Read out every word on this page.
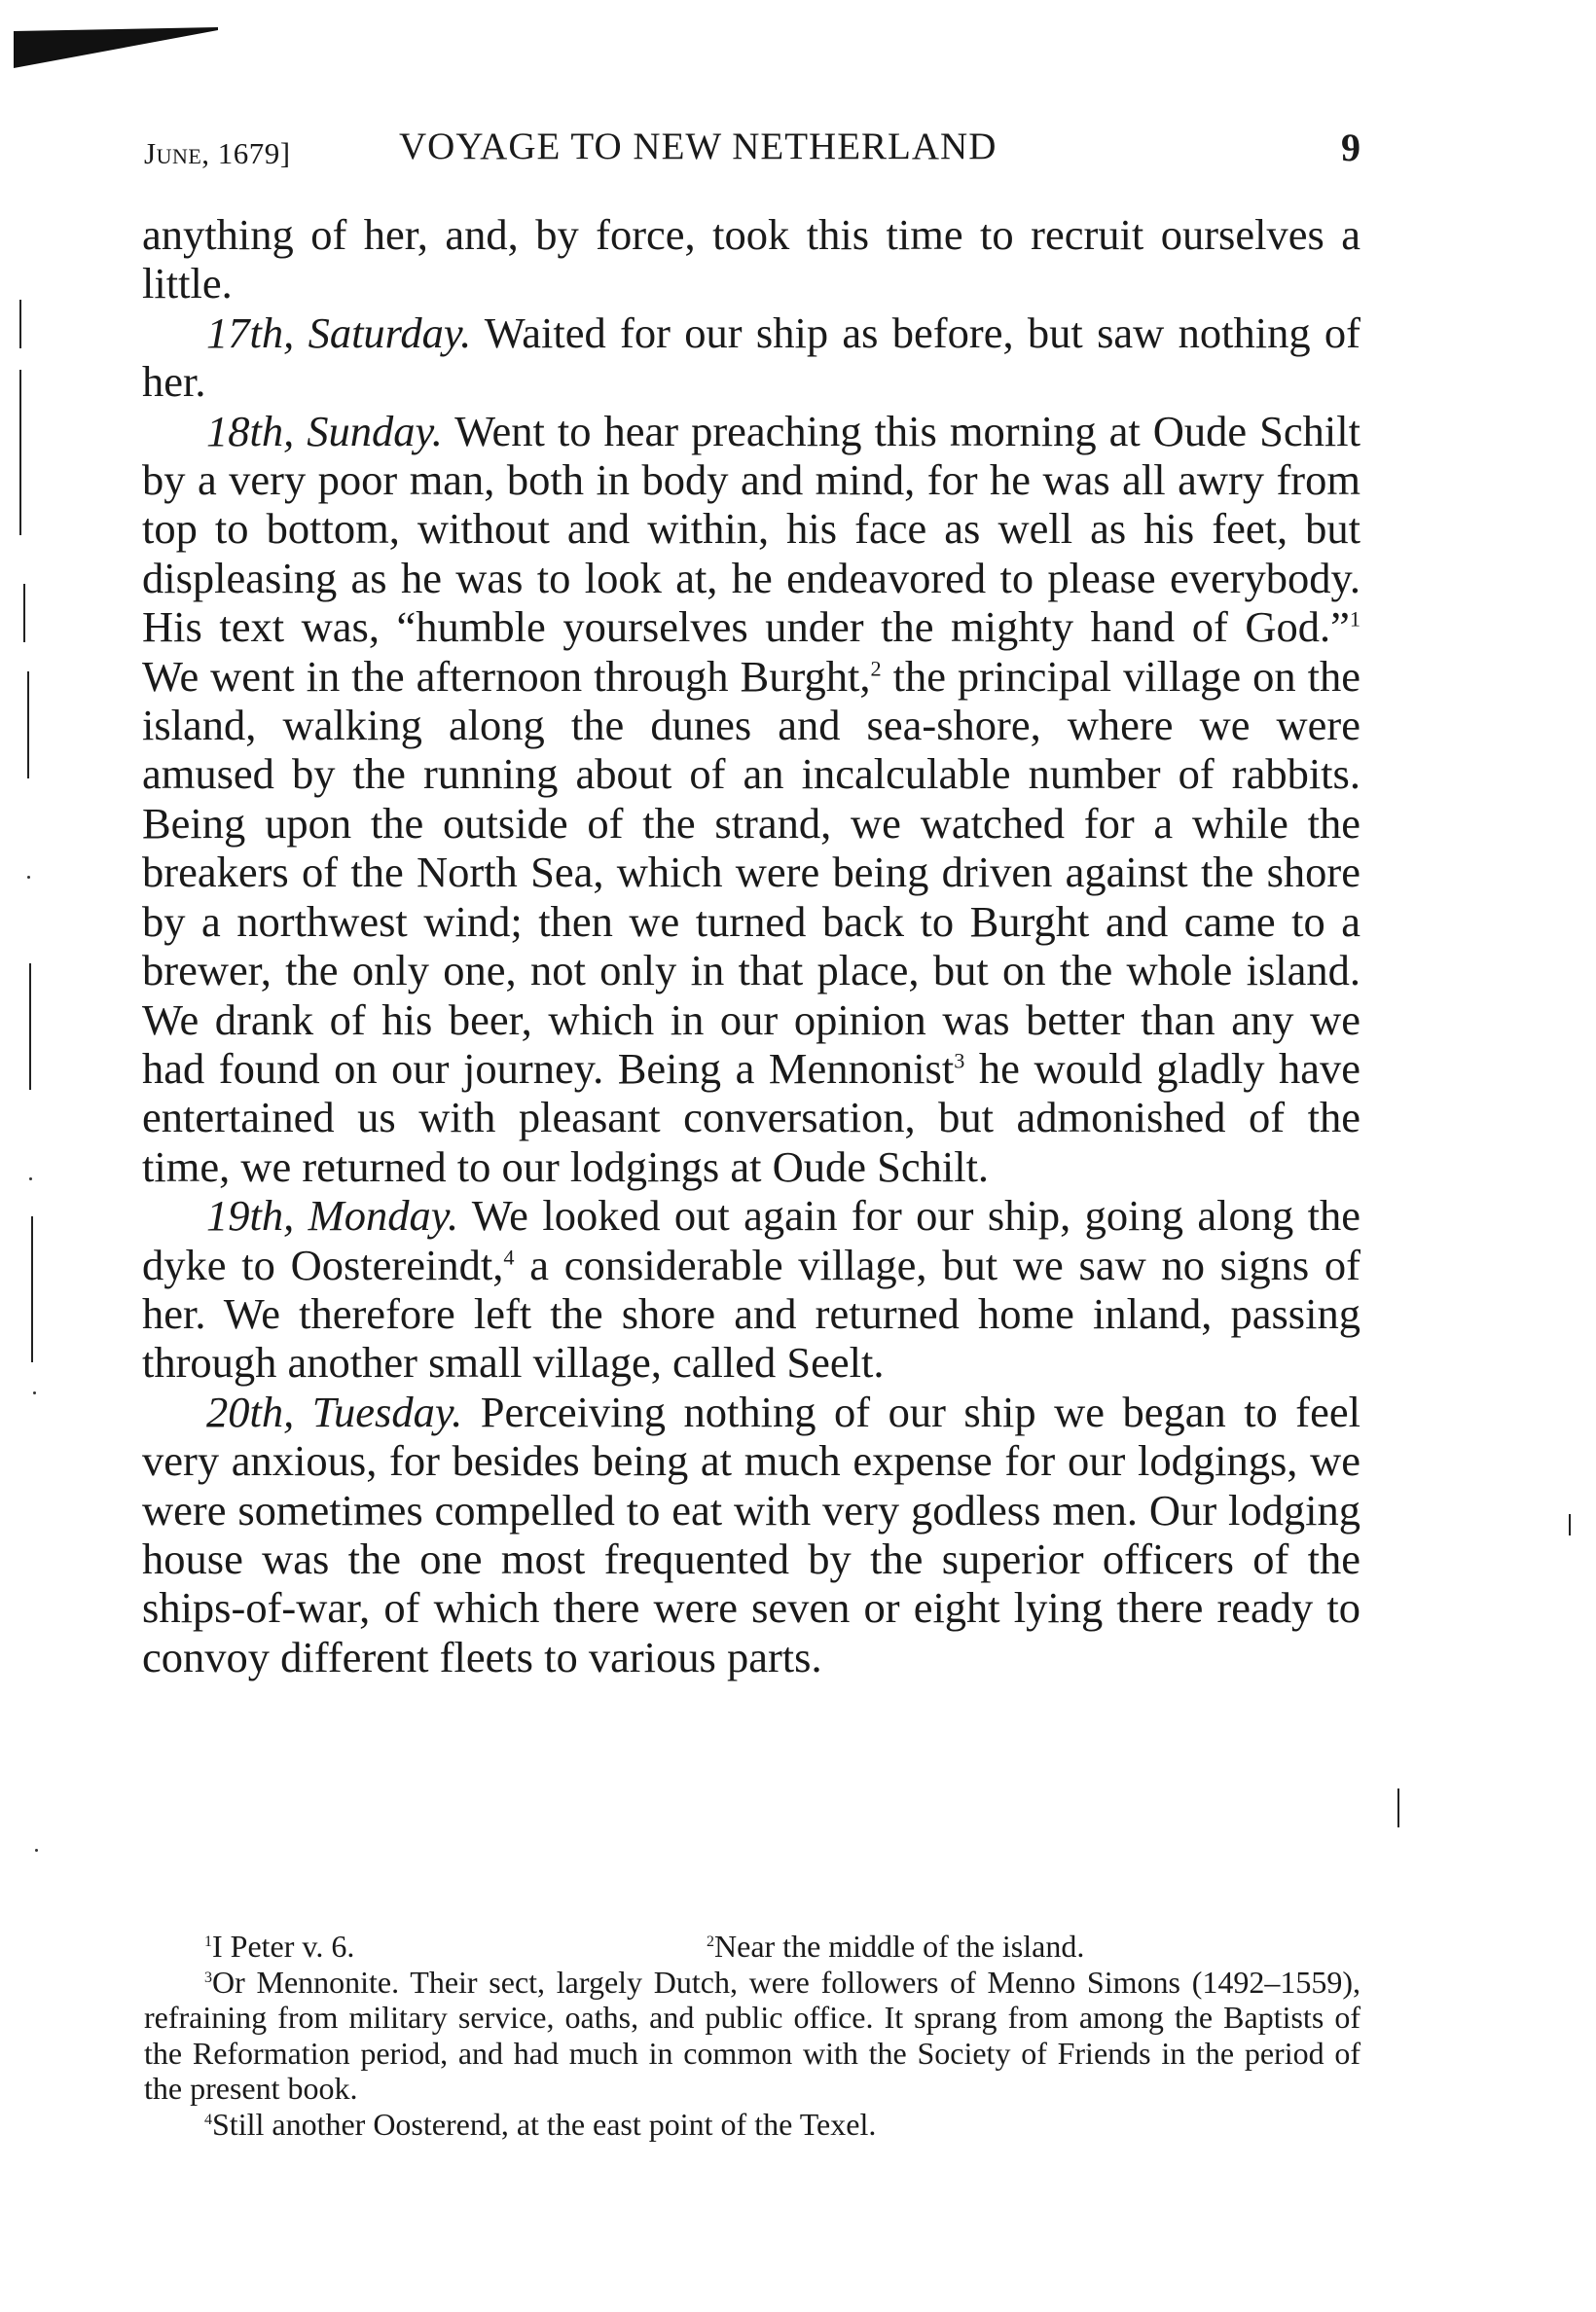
June, 1679]	VOYAGE TO NEW NETHERLAND	9

anything of her, and, by force, took this time to recruit ourselves a little.

17th, Saturday. Waited for our ship as before, but saw nothing of her.

18th, Sunday. Went to hear preaching this morning at Oude Schilt by a very poor man, both in body and mind, for he was all awry from top to bottom, without and within, his face as well as his feet, but displeasing as he was to look at, he endeavored to please everybody. His text was, “humble yourselves under the mighty hand of God.”$^1$ We went in the afternoon through Burght,$^2$ the principal village on the island, walking along the dunes and sea-shore, where we were amused by the running about of an incalculable number of rabbits. Being upon the outside of the strand, we watched for a while the breakers of the North Sea, which were being driven against the shore by a northwest wind; then we turned back to Burght and came to a brewer, the only one, not only in that place, but on the whole island. We drank of his beer, which in our opinion was better than any we had found on our journey. Being a Mennonist$^3$ he would gladly have entertained us with pleasant conversation, but admonished of the time, we returned to our lodgings at Oude Schilt.

19th, Monday. We looked out again for our ship, going along the dyke to Oostereindt,$^4$ a considerable village, but we saw no signs of her. We therefore left the shore and returned home inland, passing through another small village, called Seelt.

20th, Tuesday. Perceiving nothing of our ship we began to feel very anxious, for besides being at much expense for our lodgings, we were sometimes compelled to eat with very godless men. Our lodging house was the one most frequented by the superior officers of the ships-of-war, of which there were seven or eight lying there ready to convoy different fleets to various parts.

$^1$I Peter v. 6.	$^2$Near the middle of the island.

$^3$Or Mennonite. Their sect, largely Dutch, were followers of Menno Simons (1492–1559), refraining from military service, oaths, and public office. It sprang from among the Baptists of the Reformation period, and had much in common with the Society of Friends in the period of the present book.

$^4$Still another Oosterend, at the east point of the Texel.
